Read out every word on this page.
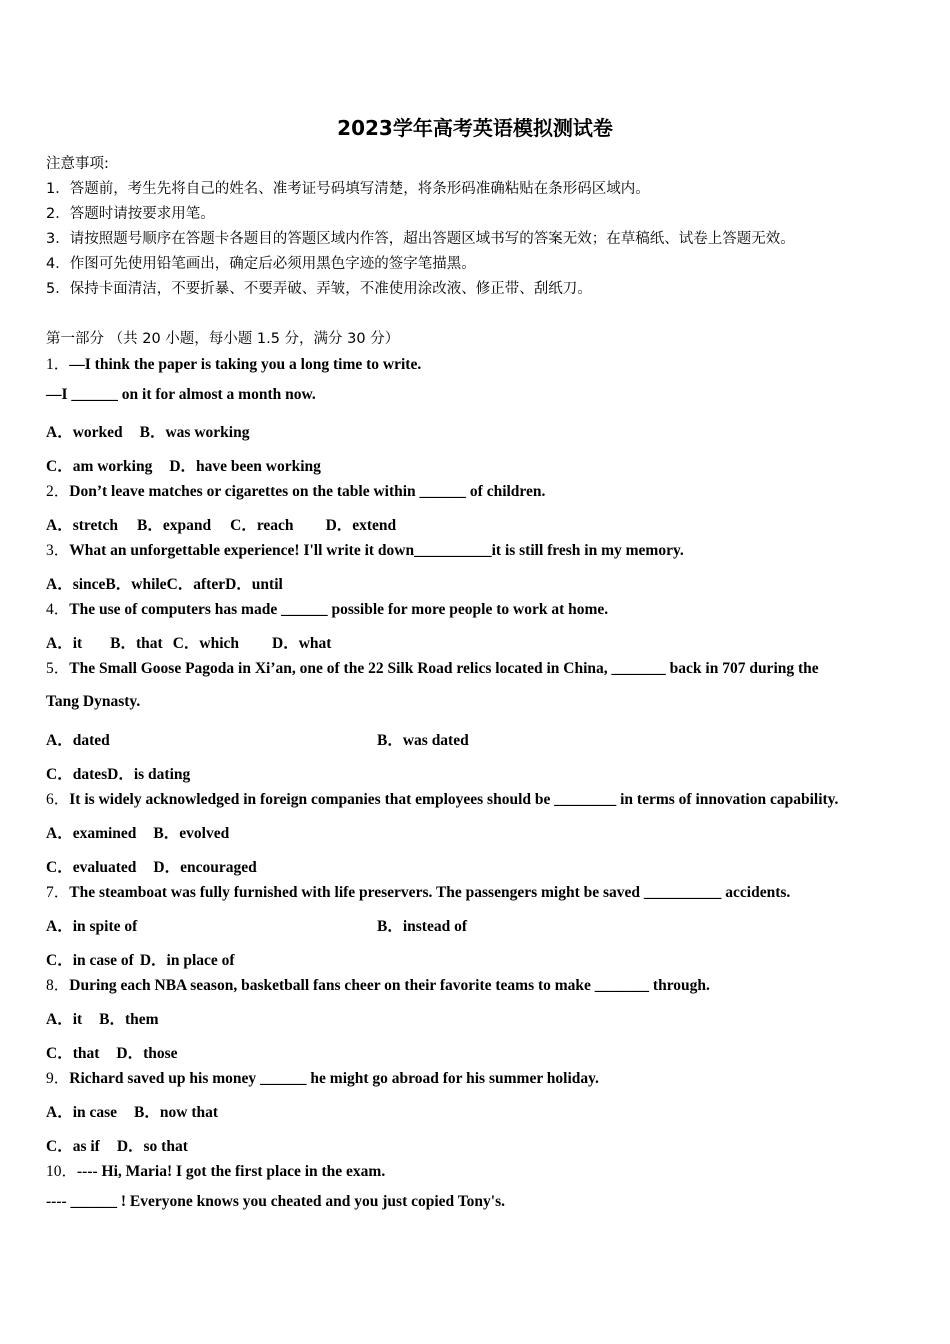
2023学年高考英语模拟测试卷
注意事项:
1．答题前，考生先将自己的姓名、准考证号码填写清楚，将条形码准确粘贴在条形码区域内。
2．答题时请按要求用笔。
3．请按照题号顺序在答题卡各题目的答题区域内作答，超出答题区域书写的答案无效；在草稿纸、试卷上答题无效。
4．作图可先使用铅笔画出，确定后必须用黑色字迹的签字笔描黑。
5．保持卡面清洁，不要折暴、不要弄破、弄皱，不准使用涂改液、修正带、刮纸刀。
第一部分 （共 20 小题，每小题 1.5 分，满分 30 分）
1．—I think the paper is taking you a long time to write.
—I ______ on it for almost a month now.
A．worked B．was working
C．am working D．have been working
2．Don’t leave matches or cigarettes on the table within ______ of children.
A．stretch B．expand C．reach D．extend
3．What an unforgettable experience! I'll write it down__________it is still fresh in my memory.
A．sinceB．whileC．afterD．until
4．The use of computers has made ______ possible for more people to work at home.
A．it B．that C．which D．what
5．The Small Goose Pagoda in Xi’an, one of the 22 Silk Road relics located in China, _______ back in 707 during the
Tang Dynasty.
A．dated	B．was dated
C．datesD．is dating
6．It is widely acknowledged in foreign companies that employees should be ________ in terms of innovation capability.
A．examined B．evolved
C．evaluated D．encouraged
7．The steamboat was fully furnished with life preservers. The passengers might be saved __________ accidents.
A．in spite of	B．instead of
C．in case of D．in place of
8．During each NBA season, basketball fans cheer on their favorite teams to make _______ through.
A．it B．them
C．that D．those
9．Richard saved up his money ______ he might go abroad for his summer holiday.
A．in case B．now that
C．as if D．so that
10．---- Hi, Maria! I got the first place in the exam.
---- ______ ! Everyone knows you cheated and you just copied Tony's.
